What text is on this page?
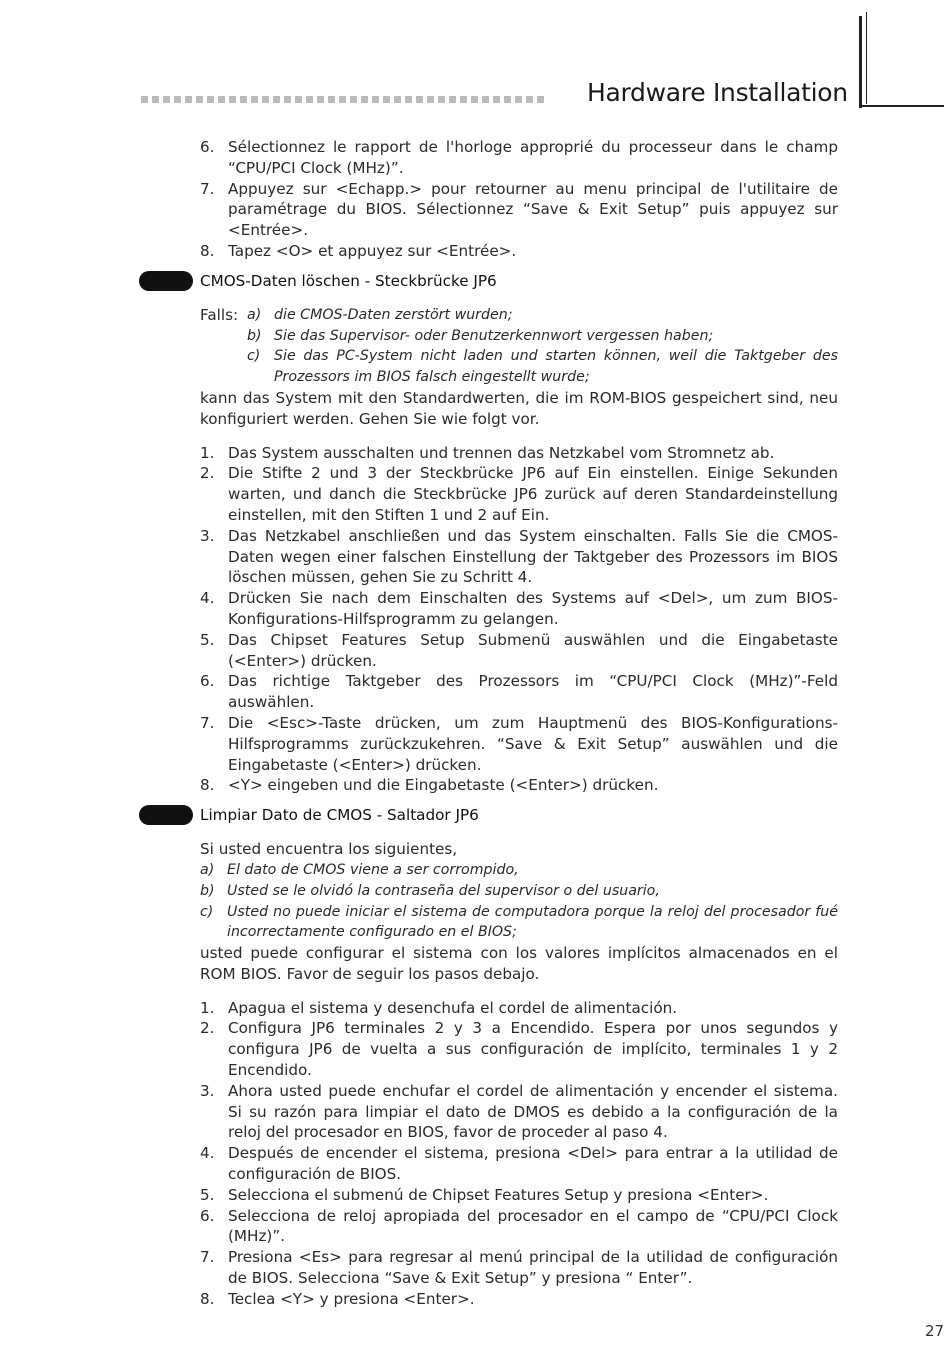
Hardware Installation
6. Sélectionnez le rapport de l'horloge approprié du processeur dans le champ “CPU/PCI Clock (MHz)”.
7. Appuyez sur <Echapp.> pour retourner au menu principal de l'utilitaire de paramétrage du BIOS. Sélectionnez “Save & Exit Setup” puis appuyez sur <Entrée>.
8. Tapez <O> et appuyez sur <Entrée>.
CMOS-Daten löschen - Steckbrücke JP6
Falls: a) die CMOS-Daten zerstört wurden;
b) Sie das Supervisor- oder Benutzerkennwort vergessen haben;
c) Sie das PC-System nicht laden und starten können, weil die Taktgeber des Prozessors im BIOS falsch eingestellt wurde;
kann das System mit den Standardwerten, die im ROM-BIOS gespeichert sind, neu konfiguriert werden. Gehen Sie wie folgt vor.
1. Das System ausschalten und trennen das Netzkabel vom Stromnetz ab.
2. Die Stifte 2 und 3 der Steckbrücke JP6 auf Ein einstellen. Einige Sekunden warten, und danch die Steckbrücke JP6 zurück auf deren Standardeinstellung einstellen, mit den Stiften 1 und 2 auf Ein.
3. Das Netzkabel anschließen und das System einschalten. Falls Sie die CMOS-Daten wegen einer falschen Einstellung der Taktgeber des Prozessors im BIOS löschen müssen, gehen Sie zu Schritt 4.
4. Drücken Sie nach dem Einschalten des Systems auf <Del>, um zum BIOS-Konfigurations-Hilfsprogramm zu gelangen.
5. Das Chipset Features Setup Submenü auswählen und die Eingabetaste (<Enter>) drücken.
6. Das richtige Taktgeber des Prozessors im “CPU/PCI Clock (MHz)”-Feld auswählen.
7. Die <Esc>-Taste drücken, um zum Hauptmenü des BIOS-Konfigurations-Hilfsprogramms zurückzukehren. “Save & Exit Setup” auswählen und die Eingabetaste (<Enter>) drücken.
8. <Y> eingeben und die Eingabetaste (<Enter>) drücken.
Limpiar Dato de CMOS - Saltador JP6
Si usted encuentra los siguientes,
a) El dato de CMOS viene a ser corrompido,
b) Usted se le olvidó la contraseña del supervisor o del usuario,
c) Usted no puede iniciar el sistema de computadora porque la reloj del procesador fué incorrectamente configurado en el BIOS;
usted puede configurar el sistema con los valores implícitos almacenados en el ROM BIOS. Favor de seguir los pasos debajo.
1. Apagua el sistema y desenchufa el cordel de alimentación.
2. Configura JP6 terminales 2 y 3 a Encendido. Espera por unos segundos y configura JP6 de vuelta a sus configuración de implícito, terminales 1 y 2 Encendido.
3. Ahora usted puede enchufar el cordel de alimentación y encender el sistema. Si su razón para limpiar el dato de DMOS es debido a la configuración de la reloj del procesador en BIOS, favor de proceder al paso 4.
4. Después de encender el sistema, presiona <Del> para entrar a la utilidad de configuración de BIOS.
5. Selecciona el submenú de Chipset Features Setup y presiona <Enter>.
6. Selecciona de reloj apropiada del procesador en el campo de “CPU/PCI Clock (MHz)”.
7. Presiona <Es> para regresar al menú principal de la utilidad de configuración de BIOS. Selecciona “Save & Exit Setup” y presiona “ Enter”.
8. Teclea <Y> y presiona <Enter>.
27
